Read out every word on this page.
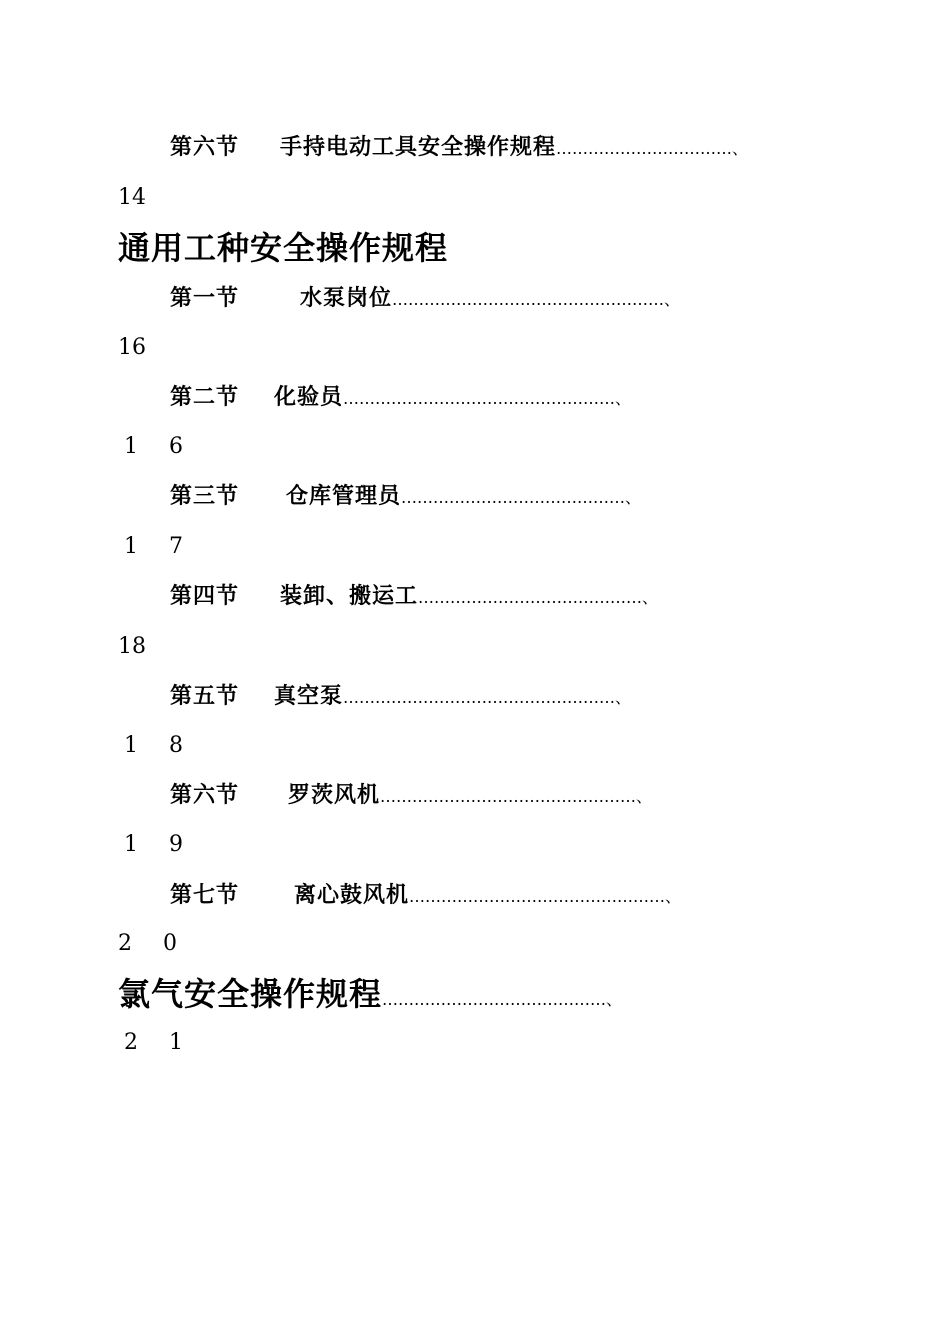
第六节 手持电动工具安全操作规程……………………………、
14
通用工种安全操作规程
第一节	水泵岗位……………………………………………、
16
第二节 化验员……………………………………………、
1 6
第三节 仓库管理员……………………………………、
1 7
第四节 装卸、搬运工……………………………………、
18
第五节 真空泵……………………………………………、
1 8
第六节 罗茨风机…………………………………………、
1 9
第七节 离心鼓风机…………………………………………、
2 0
氯气安全操作规程……………………………………、
2 1
